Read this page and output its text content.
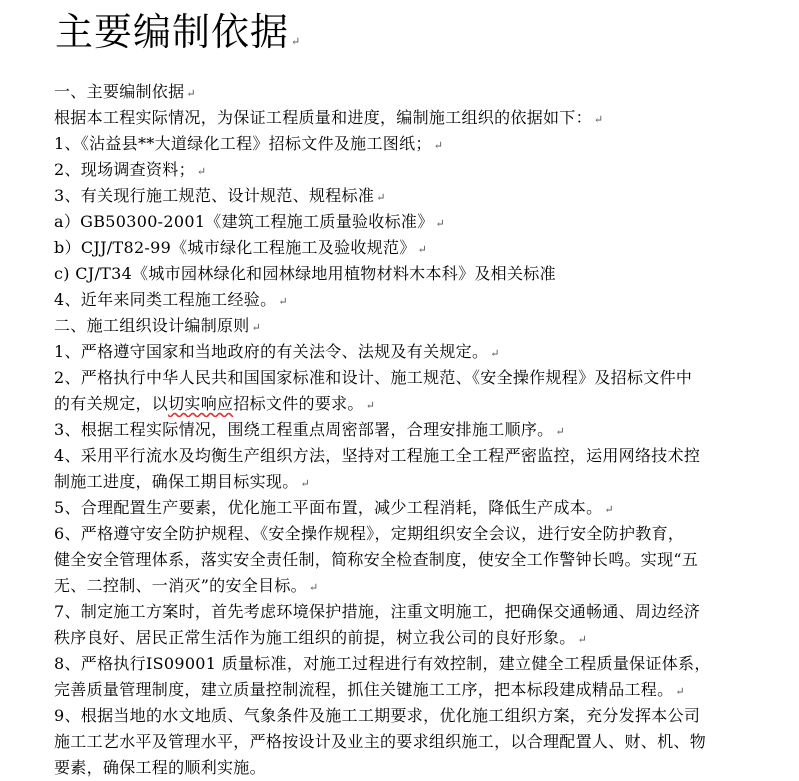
主要编制依据 ↵
一、主要编制依据 ↵
根据本工程实际情况，为保证工程质量和进度，编制施工组织的依据如下： ↵
1、《沾益县**大道绿化工程》招标文件及施工图纸； ↵
2、现场调查资料； ↵
3、有关现行施工规范、设计规范、规程标准 ↵
a）GB50300-2001《建筑工程施工质量验收标准》 ↵
b）CJJ/T82-99《城市绿化工程施工及验收规范》 ↵
c) CJ/T34《城市园林绿化和园林绿地用植物材料木本科》及相关标准
4、近年来同类工程施工经验。 ↵
二、施工组织设计编制原则 ↵
1、严格遵守国家和当地政府的有关法令、法规及有关规定。 ↵
2、严格执行中华人民共和国国家标准和设计、施工规范、《安全操作规程》及招标文件中
的有关规定，以切实响应招标文件的要求。 ↵
3、根据工程实际情况，围绕工程重点周密部署，合理安排施工顺序。 ↵
4、采用平行流水及均衡生产组织方法，坚持对工程施工全工程严密监控，运用网络技术控
制施工进度，确保工期目标实现。 ↵
5、合理配置生产要素，优化施工平面布置，减少工程消耗，降低生产成本。 ↵
6、严格遵守安全防护规程、《安全操作规程》，定期组织安全会议，进行安全防护教育，
健全安全管理体系，落实安全责任制，简称安全检查制度，使安全工作警钟长鸣。实现“五
无、二控制、一消灭”的安全目标。 ↵
7、制定施工方案时，首先考虑环境保护措施，注重文明施工，把确保交通畅通、周边经济
秩序良好、居民正常生活作为施工组织的前提，树立我公司的良好形象。 ↵
8、严格执行IS09001 质量标准，对施工过程进行有效控制，建立健全工程质量保证体系，
完善质量管理制度，建立质量控制流程，抓住关键施工工序，把本标段建成精品工程。 ↵
9、根据当地的水文地质、气象条件及施工工期要求，优化施工组织方案，充分发挥本公司
施工工艺水平及管理水平，严格按设计及业主的要求组织施工，以合理配置人、财、机、物
要素，确保工程的顺利实施。
